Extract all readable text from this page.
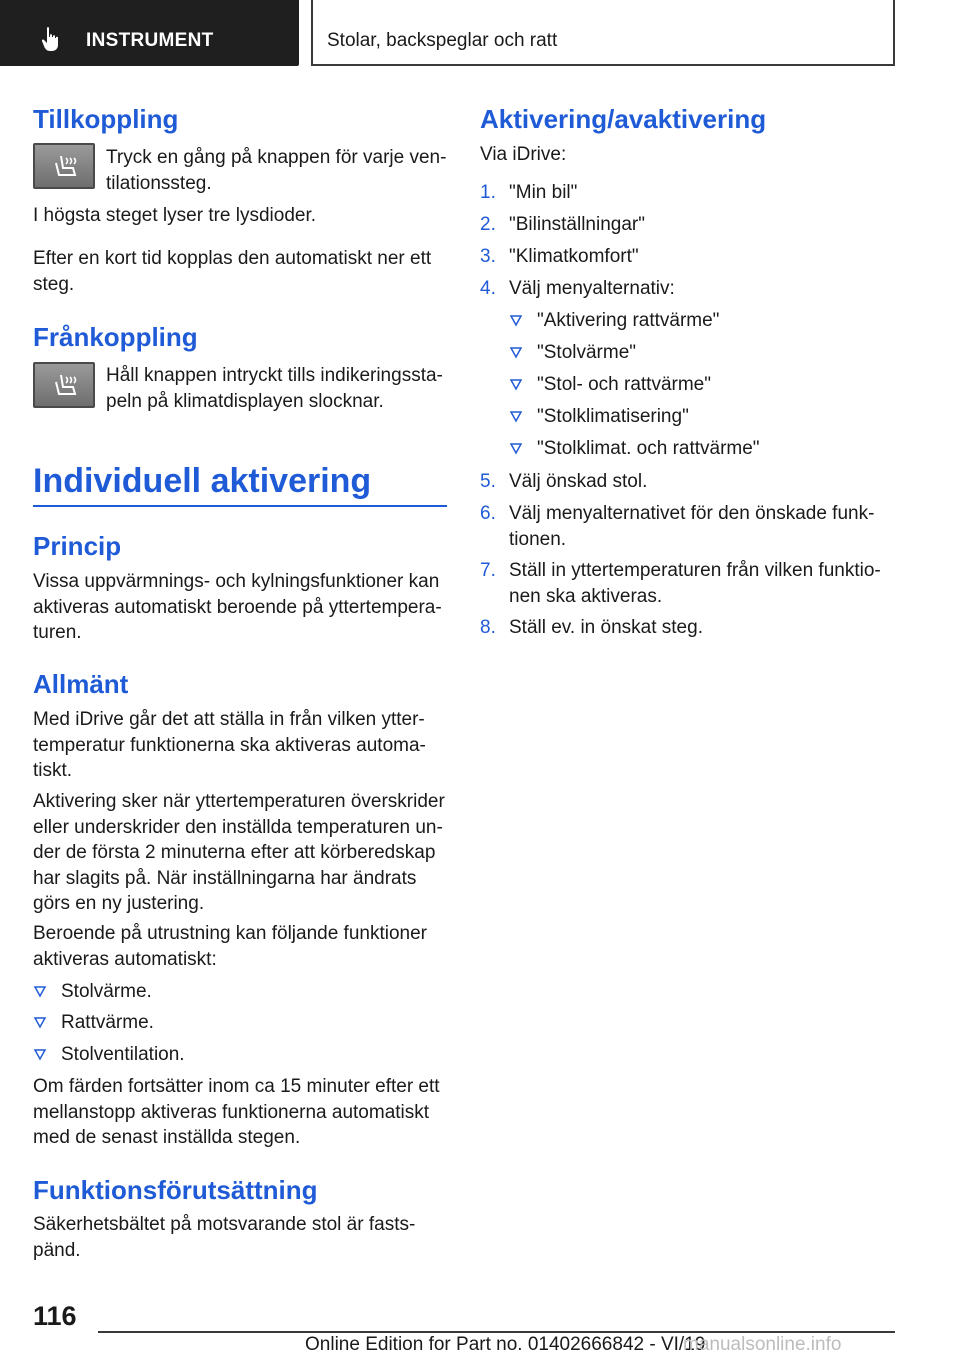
INSTRUMENT	Stolar, backspeglar och ratt
Tillkoppling
Tryck en gång på knappen för varje ven-
tilationssteg.
I högsta steget lyser tre lysdioder.
Efter en kort tid kopplas den automatiskt ner ett
steg.
Frånkoppling
Håll knappen intryckt tills indikeringssta-
peln på klimatdisplayen slocknar.
Individuell aktivering
Princip
Vissa uppvärmnings- och kylningsfunktioner kan
aktiveras automatiskt beroende på yttertempera-
turen.
Allmänt
Med iDrive går det att ställa in från vilken ytter-
temperatur funktionerna ska aktiveras automa-
tiskt.
Aktivering sker när yttertemperaturen överskrider
eller underskrider den inställda temperaturen un-
der de första 2 minuterna efter att körberedskap
har slagits på. När inställningarna har ändrats
görs en ny justering.
Beroende på utrustning kan följande funktioner
aktiveras automatiskt:
Stolvärme.
Rattvärme.
Stolventilation.
Om färden fortsätter inom ca 15 minuter efter ett
mellanstopp aktiveras funktionerna automatiskt
med de senast inställda stegen.
Funktionsförutsättning
Säkerhetsbältet på motsvarande stol är fasts-
pänd.
Aktivering/avaktivering
Via iDrive:
1. "Min bil"
2. "Bilinställningar"
3. "Klimatkomfort"
4. Välj menyalternativ:
"Aktivering rattvärme"
"Stolvärme"
"Stol- och rattvärme"
"Stolklimatisering"
"Stolklimat. och rattvärme"
5. Välj önskad stol.
6. Välj menyalternativet för den önskade funk-
tionen.
7. Ställ in yttertemperaturen från vilken funktio-
nen ska aktiveras.
8. Ställ ev. in önskat steg.
116
Online Edition for Part no. 01402666842 - VI/19
manualsonline.info
